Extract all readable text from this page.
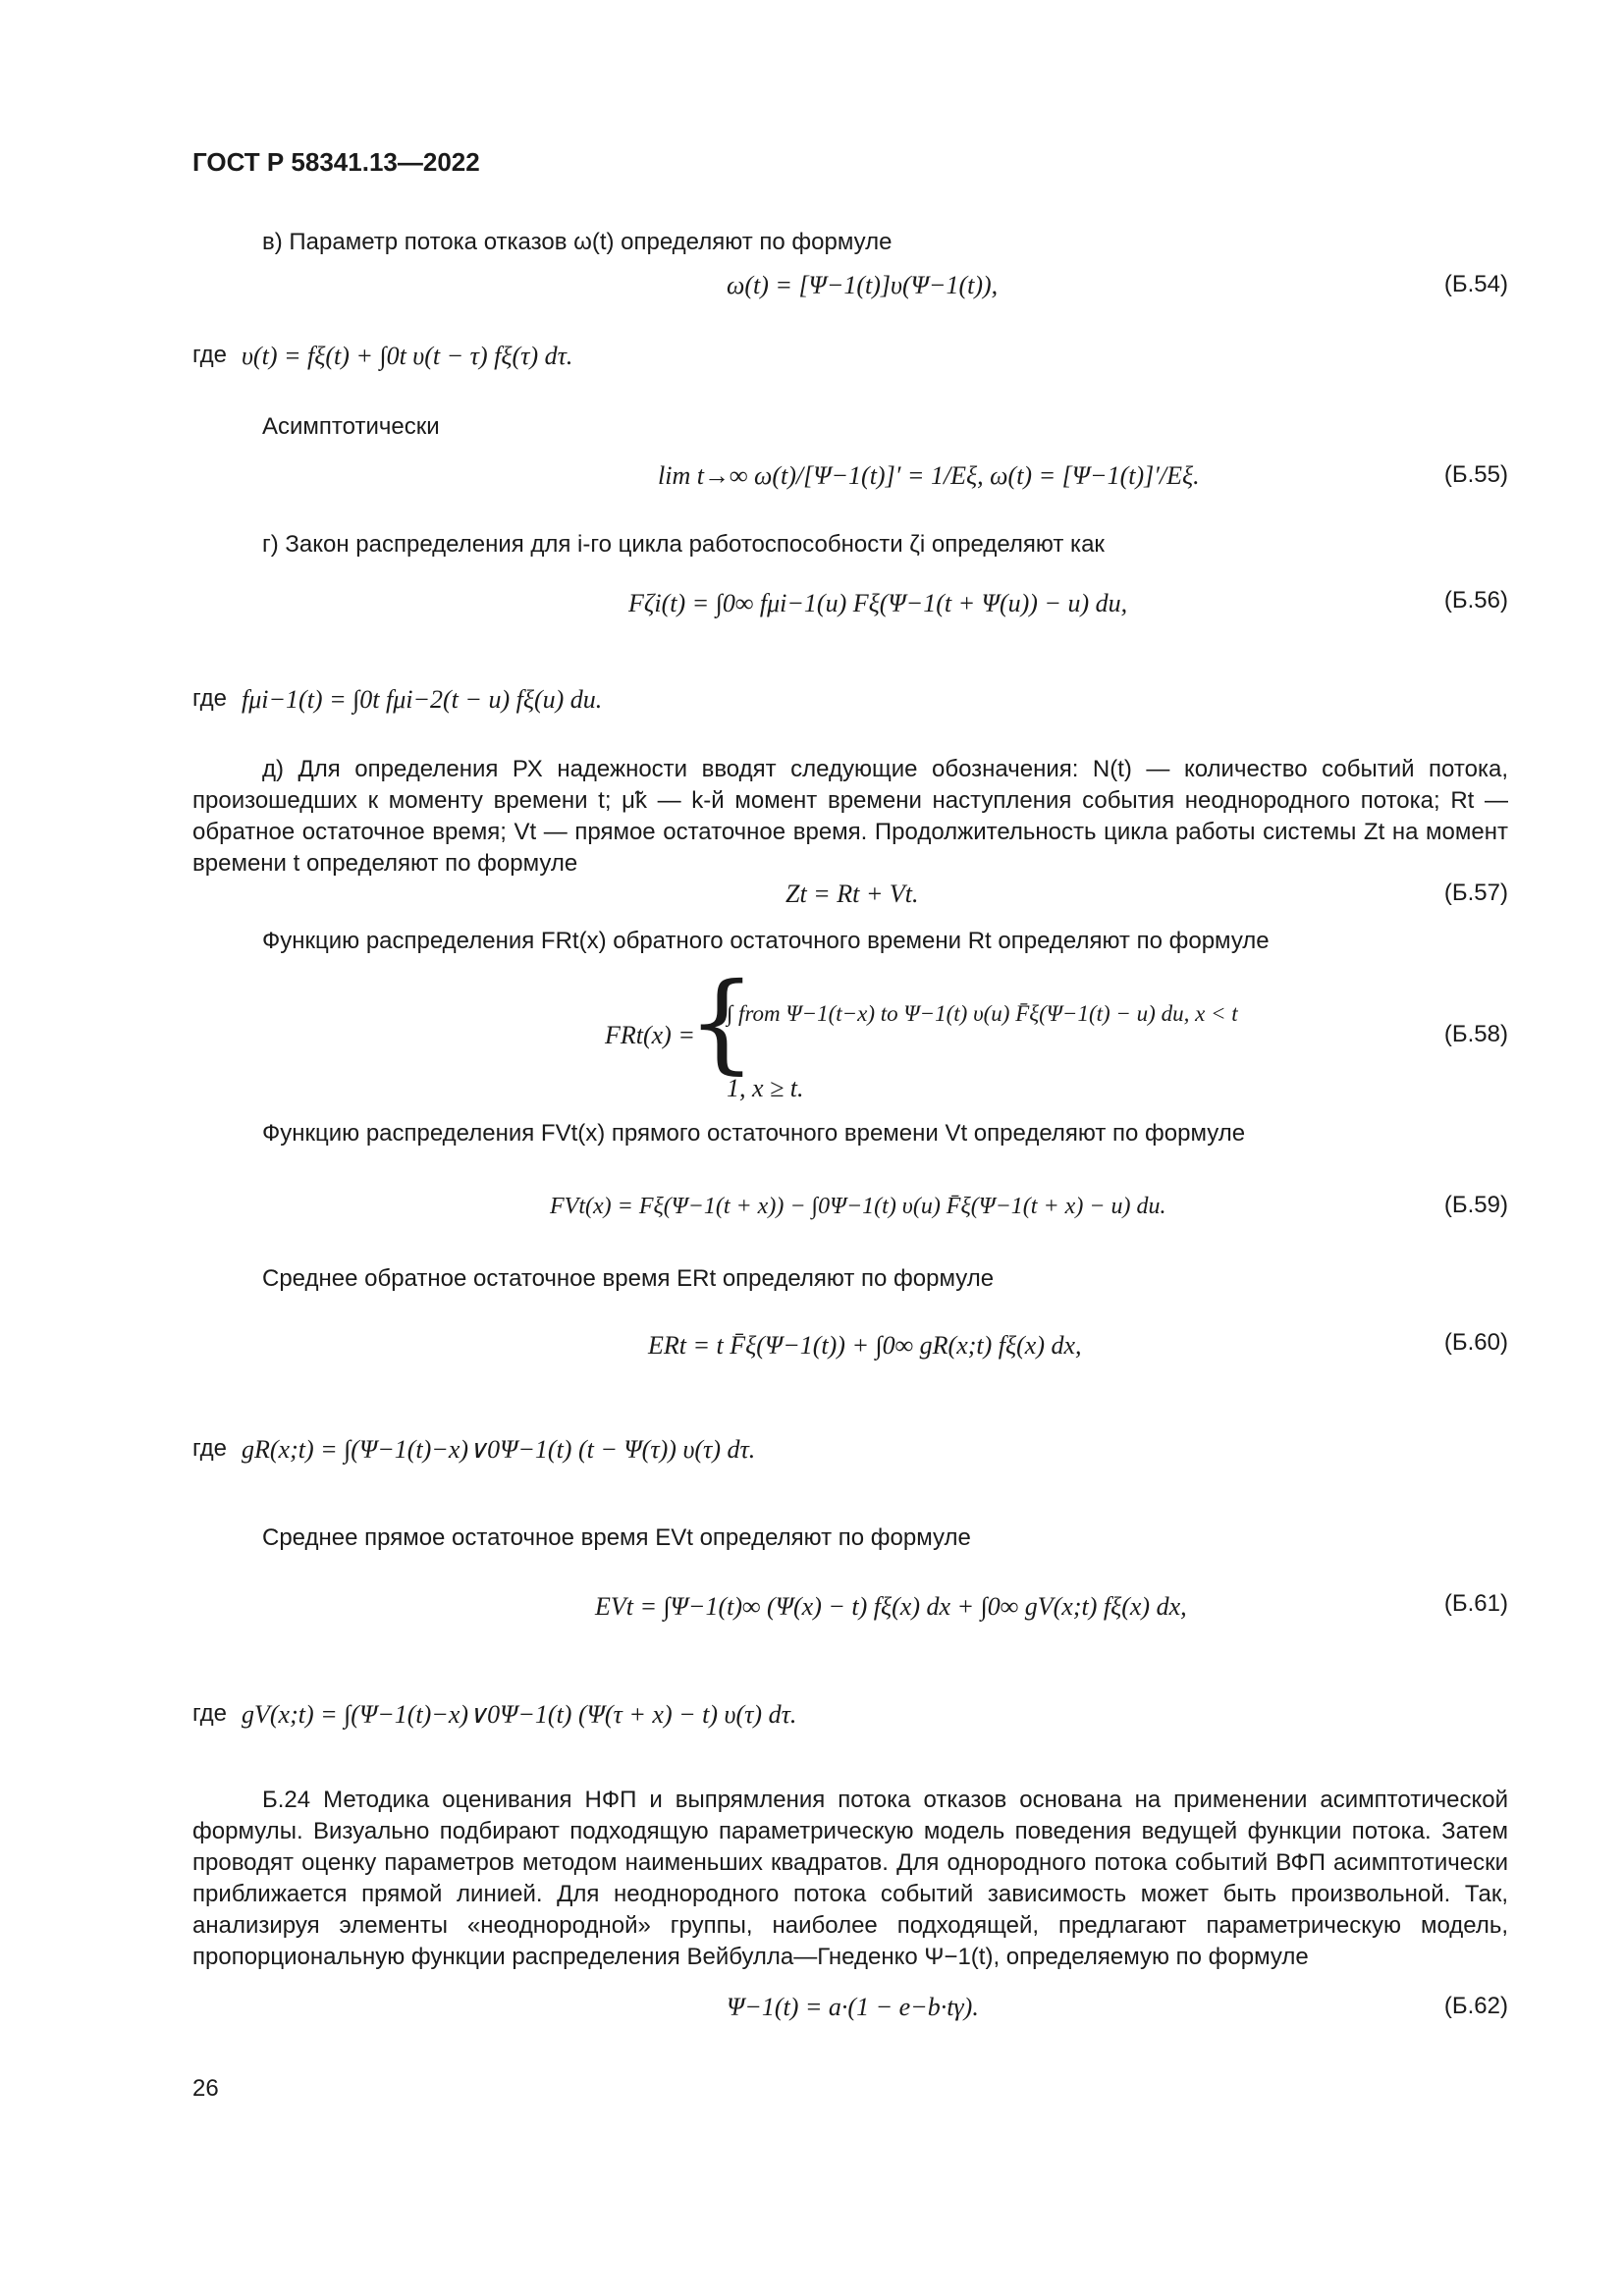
ГОСТ Р 58341.13—2022
в) Параметр потока отказов ω(t) определяют по формуле
ω(t) = [Ψ−1(t)]υ(Ψ−1(t)),	(Б.54)
где υ(t) = fξ(t) + ∫0t υ(t − τ) fξ(τ) dτ.
Асимптотически
lim t→∞ ω(t)/[Ψ−1(t)]′ = 1/Eξ, ω(t) = [Ψ−1(t)]′/Eξ.	(Б.55)
г) Закон распределения для i-го цикла работоспособности ζi определяют как
Fζi(t) = ∫0∞ fμi−1(u) Fξ(Ψ−1(t + Ψ(u)) − u) du,	(Б.56)
где fμi−1(t) = ∫0t fμi−2(t − u) fξ(u) du.
д) Для определения РХ надежности вводят следующие обозначения: N(t) — количество событий потока, произошедших к моменту времени t; μ̃k — k-й момент времени наступления события неоднородного потока; Rt — обратное остаточное время; Vt — прямое остаточное время. Продолжительность цикла работы системы Zt на момент времени t определяют по формуле
Zt = Rt + Vt.	(Б.57)
Функцию распределения FRt(x) обратного остаточного времени Rt определяют по формуле
FRt(x) =
{
∫ from Ψ−1(t−x) to Ψ−1(t) υ(u) F̄ξ(Ψ−1(t) − u) du, x < t
1, x ≥ t.
(Б.58)
Функцию распределения FVt(x) прямого остаточного времени Vt определяют по формуле
FVt(x) = Fξ(Ψ−1(t + x)) − ∫0Ψ−1(t) υ(u) F̄ξ(Ψ−1(t + x) − u) du.	(Б.59)
Среднее обратное остаточное время ERt определяют по формуле
ERt = t F̄ξ(Ψ−1(t)) + ∫0∞ gR(x;t) fξ(x) dx,	(Б.60)
где gR(x;t) = ∫(Ψ−1(t)−x)∨0Ψ−1(t) (t − Ψ(τ)) υ(τ) dτ.
Среднее прямое остаточное время EVt определяют по формуле
EVt = ∫Ψ−1(t)∞ (Ψ(x) − t) fξ(x) dx + ∫0∞ gV(x;t) fξ(x) dx,	(Б.61)
где gV(x;t) = ∫(Ψ−1(t)−x)∨0Ψ−1(t) (Ψ(τ + x) − t) υ(τ) dτ.
Б.24 Методика оценивания НФП и выпрямления потока отказов основана на применении асимптотической формулы. Визуально подбирают подходящую параметрическую модель поведения ведущей функции потока. Затем проводят оценку параметров методом наименьших квадратов. Для однородного потока событий ВФП асимптотически приближается прямой линией. Для неоднородного потока событий зависимость может быть произвольной. Так, анализируя элементы «неоднородной» группы, наиболее подходящей, предлагают параметрическую модель, пропорциональную функции распределения Вейбулла—Гнеденко Ψ−1(t), определяемую по формуле
Ψ−1(t) = a·(1 − e−b·tγ).	(Б.62)
26
